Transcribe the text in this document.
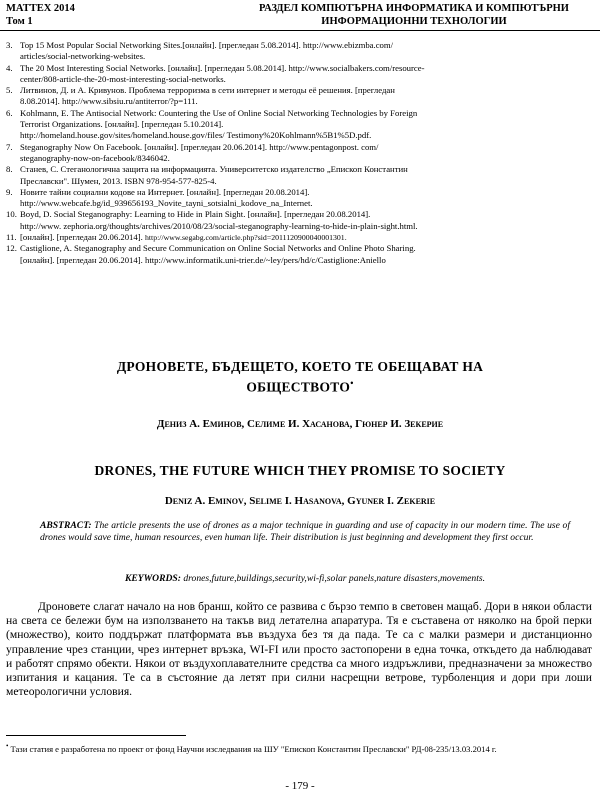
MATTEX 2014
Том 1
РАЗДЕЛ КОМПЮТЪРНА ИНФОРМАТИКА И КОМПЮТЪРНИ
ИНФОРМАЦИОННИ ТЕХНОЛОГИИ
3. Top 15 Most Popular Social Networking Sites.[онлайн]. [прегледан 5.08.2014]. http://www.ebizmba.com/
articles/social-networking-websites.
4. The 20 Most Interesting Social Networks. [онлайн]. [прегледан 5.08.2014]. http://www.socialbakers.com/resource-
center/808-article-the-20-most-interesting-social-networks.
5. Литвинов, Д. и А. Кривунов. Проблема терроризма в сети интернет и методы её решения. [прегледан
8.08.2014]. http://www.sibsiu.ru/antiterror/?p=111.
6. Kohlmann, E. The Antisocial Network: Countering the Use of Online Social Networking Technologies by Foreign
Terrorist Organizations. [онлайн]. [прегледан 5.10.2014].
http://homeland.house.gov/sites/homeland.house.gov/files/ Testimony%20Kohlmann%5B1%5D.pdf.
7. Steganography Now On Facebook. [онлайн]. [прегледан 20.06.2014]. http://www.pentagonpost. com/
steganography-now-on-facebook/8346042.
8. Станев, С. Стеганологична защита на информацията. Университетско издателство „Епископ Константин
Преславски". Шумен, 2013. ISBN 978-954-577-825-4.
9. Новите тайни социални кодове на Интернет. [онлайн]. [прегледан 20.08.2014].
http://www.webcafe.bg/id_939656193_Novite_tayni_sotsialni_kodove_na_Internet.
10. Boyd, D. Social Steganography: Learning to Hide in Plain Sight. [онлайн]. [прегледан 20.08.2014].
http://www. zephoria.org/thoughts/archives/2010/08/23/social-steganography-learning-to-hide-in-plain-sight.html.
11. [онлайн]. [прегледан 20.06.2014]. http://www.segabg.com/article.php?sid=2011120900040001301.
12. Castiglione, A. Steganography and Secure Communication on Online Social Networks and Online Photo Sharing.
[онлайн]. [прегледан 20.06.2014]. http://www.informatik.uni-trier.de/~ley/pers/hd/c/Castiglione:Aniello
ДРОНОВЕТЕ, БЪДЕЩЕТО, КОЕТО ТЕ ОБЕЩАВАТ НА
ОБЩЕСТВОТО•
Дениз А. Еминов, Селиме И. Хасанова, Гюнер И. Зекерие
DRONES, THE FUTURE WHICH THEY PROMISE TO SOCIETY
Deniz A. Eminov, Selime I. Hasanova, Gyuner I. Zekerie
ABSTRACT: The article presents the use of drones as a major technique in guarding and use of capacity in our modern time. The use of drones would save time, human resources, even human life. Their distribution is just beginning and development they first occur.
KEYWORDS: drones,future,buildings,security,wi-fi,solar panels,nature disasters,movements.
Дроновете слагат начало на нов бранш, който се развива с бързо темпо в световен мащаб. Дори в някои области на света се бележи бум на използването на такъв вид летателна апаратура. Тя е съставена от няколко на брой перки (множество), които поддържат платформата във въздуха без тя да пада. Те са с малки размери и дистанционно управление чрез станции, чрез интернет връзка, WI-FI или просто застопорени в една точка, откъдето да наблюдават и работят спрямо обекти. Някои от въздухоплавателните средства са много издръжливи, предназначени за множество изпитания и кацания. Те са в състояние да летят при силни насрещни ветрове, турболенция и дори при лоши метеорологични условия.
• Тази статия е разработена по проект от фонд Научни изследвания на ШУ "Епископ Константин Преславски" РД-08-235/13.03.2014 г.
- 179 -
